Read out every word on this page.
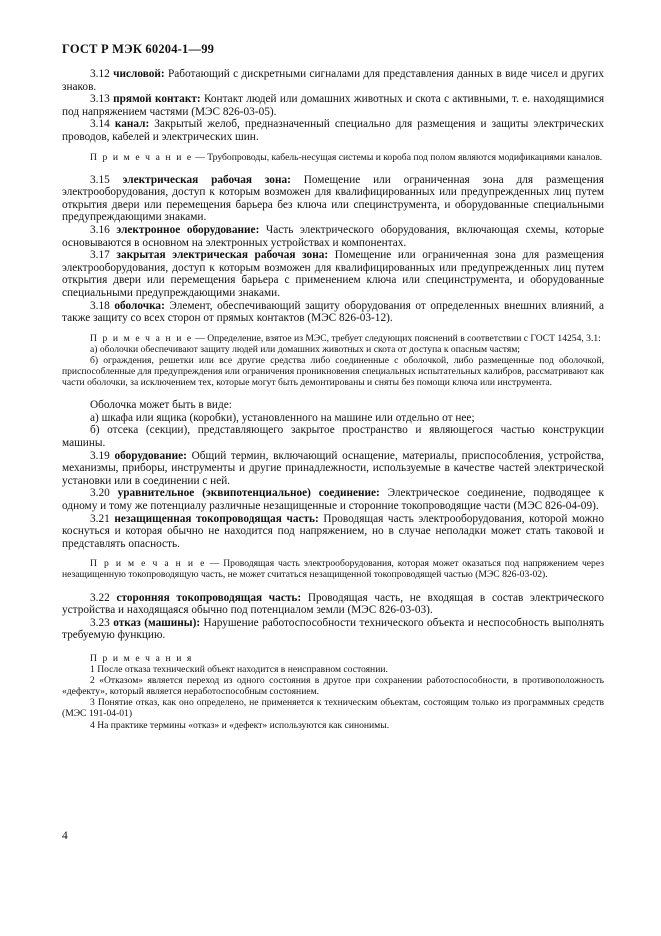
ГОСТ Р МЭК 60204-1—99

3.12 числовой: Работающий с дискретными сигналами для представления данных в виде чисел и других знаков.

3.13 прямой контакт: Контакт людей или домашних животных и скота с активными, т. е. находящимися под напряжением частями (МЭС 826-03-05).

3.14 канал: Закрытый желоб, предназначенный специально для размещения и защиты электрических проводов, кабелей и электрических шин.

П р и м е ч а н и е — Трубопроводы, кабель-несущая системы и короба под полом являются модификациями каналов.

3.15 электрическая рабочая зона: Помещение или ограниченная зона для размещения электрооборудования, доступ к которым возможен для квалифицированных или предупрежденных лиц путем открытия двери или перемещения барьера без ключа или специнструмента, и оборудованные специальными предупреждающими знаками.

3.16 электронное оборудование: Часть электрического оборудования, включающая схемы, которые основываются в основном на электронных устройствах и компонентах.

3.17 закрытая электрическая рабочая зона: Помещение или ограниченная зона для размещения электрооборудования, доступ к которым возможен для квалифицированных или предупрежденных лиц путем открытия двери или перемещения барьера с применением ключа или специнструмента, и оборудованные специальными предупреждающими знаками.

3.18 оболочка: Элемент, обеспечивающий защиту оборудования от определенных внешних влияний, а также защиту со всех сторон от прямых контактов (МЭС 826-03-12).

П р и м е ч а н и е — Определение, взятое из МЭС, требует следующих пояснений в соответствии с ГОСТ 14254, 3.1:

а) оболочки обеспечивают защиту людей или домашних животных и скота от доступа к опасным частям;

б) ограждения, решетки или все другие средства либо соединенные с оболочкой, либо размещенные под оболочкой, приспособленные для предупреждения или ограничения проникновения специальных испытательных калибров, рассматривают как части оболочки, за исключением тех, которые могут быть демонтированы и сняты без помощи ключа или инструмента.

Оболочка может быть в виде:

а) шкафа или ящика (коробки), установленного на машине или отдельно от нее;

б) отсека (секции), представляющего закрытое пространство и являющегося частью конструкции машины.

3.19 оборудование: Общий термин, включающий оснащение, материалы, приспособления, устройства, механизмы, приборы, инструменты и другие принадлежности, используемые в качестве частей электрической установки или в соединении с ней.

3.20 уравнительное (эквипотенциальное) соединение: Электрическое соединение, подводящее к одному и тому же потенциалу различные незащищенные и сторонние токопроводящие части (МЭС 826-04-09).

3.21 незащищенная токопроводящая часть: Проводящая часть электрооборудования, которой можно коснуться и которая обычно не находится под напряжением, но в случае неполадки может стать таковой и представлять опасность.

П р и м е ч а н и е — Проводящая часть электрооборудования, которая может оказаться под напряжением через незащищенную токопроводящую часть, не может считаться незащищенной токопроводящей частью (МЭС 826-03-02).

3.22 сторонняя токопроводящая часть: Проводящая часть, не входящая в состав электрического устройства и находящаяся обычно под потенциалом земли (МЭС 826-03-03).

3.23 отказ (машины): Нарушение работоспособности технического объекта и неспособность выполнять требуемую функцию.

П р и м е ч а н и я

1 После отказа технический объект находится в неисправном состоянии.

2 «Отказом» является переход из одного состояния в другое при сохранении работоспособности, в противоположность «дефекту», который является неработоспособным состоянием.

3 Понятие отказ, как оно определено, не применяется к техническим объектам, состоящим только из программных средств (МЭС 191-04-01)

4 На практике термины «отказ» и «дефект» используются как синонимы.

4
